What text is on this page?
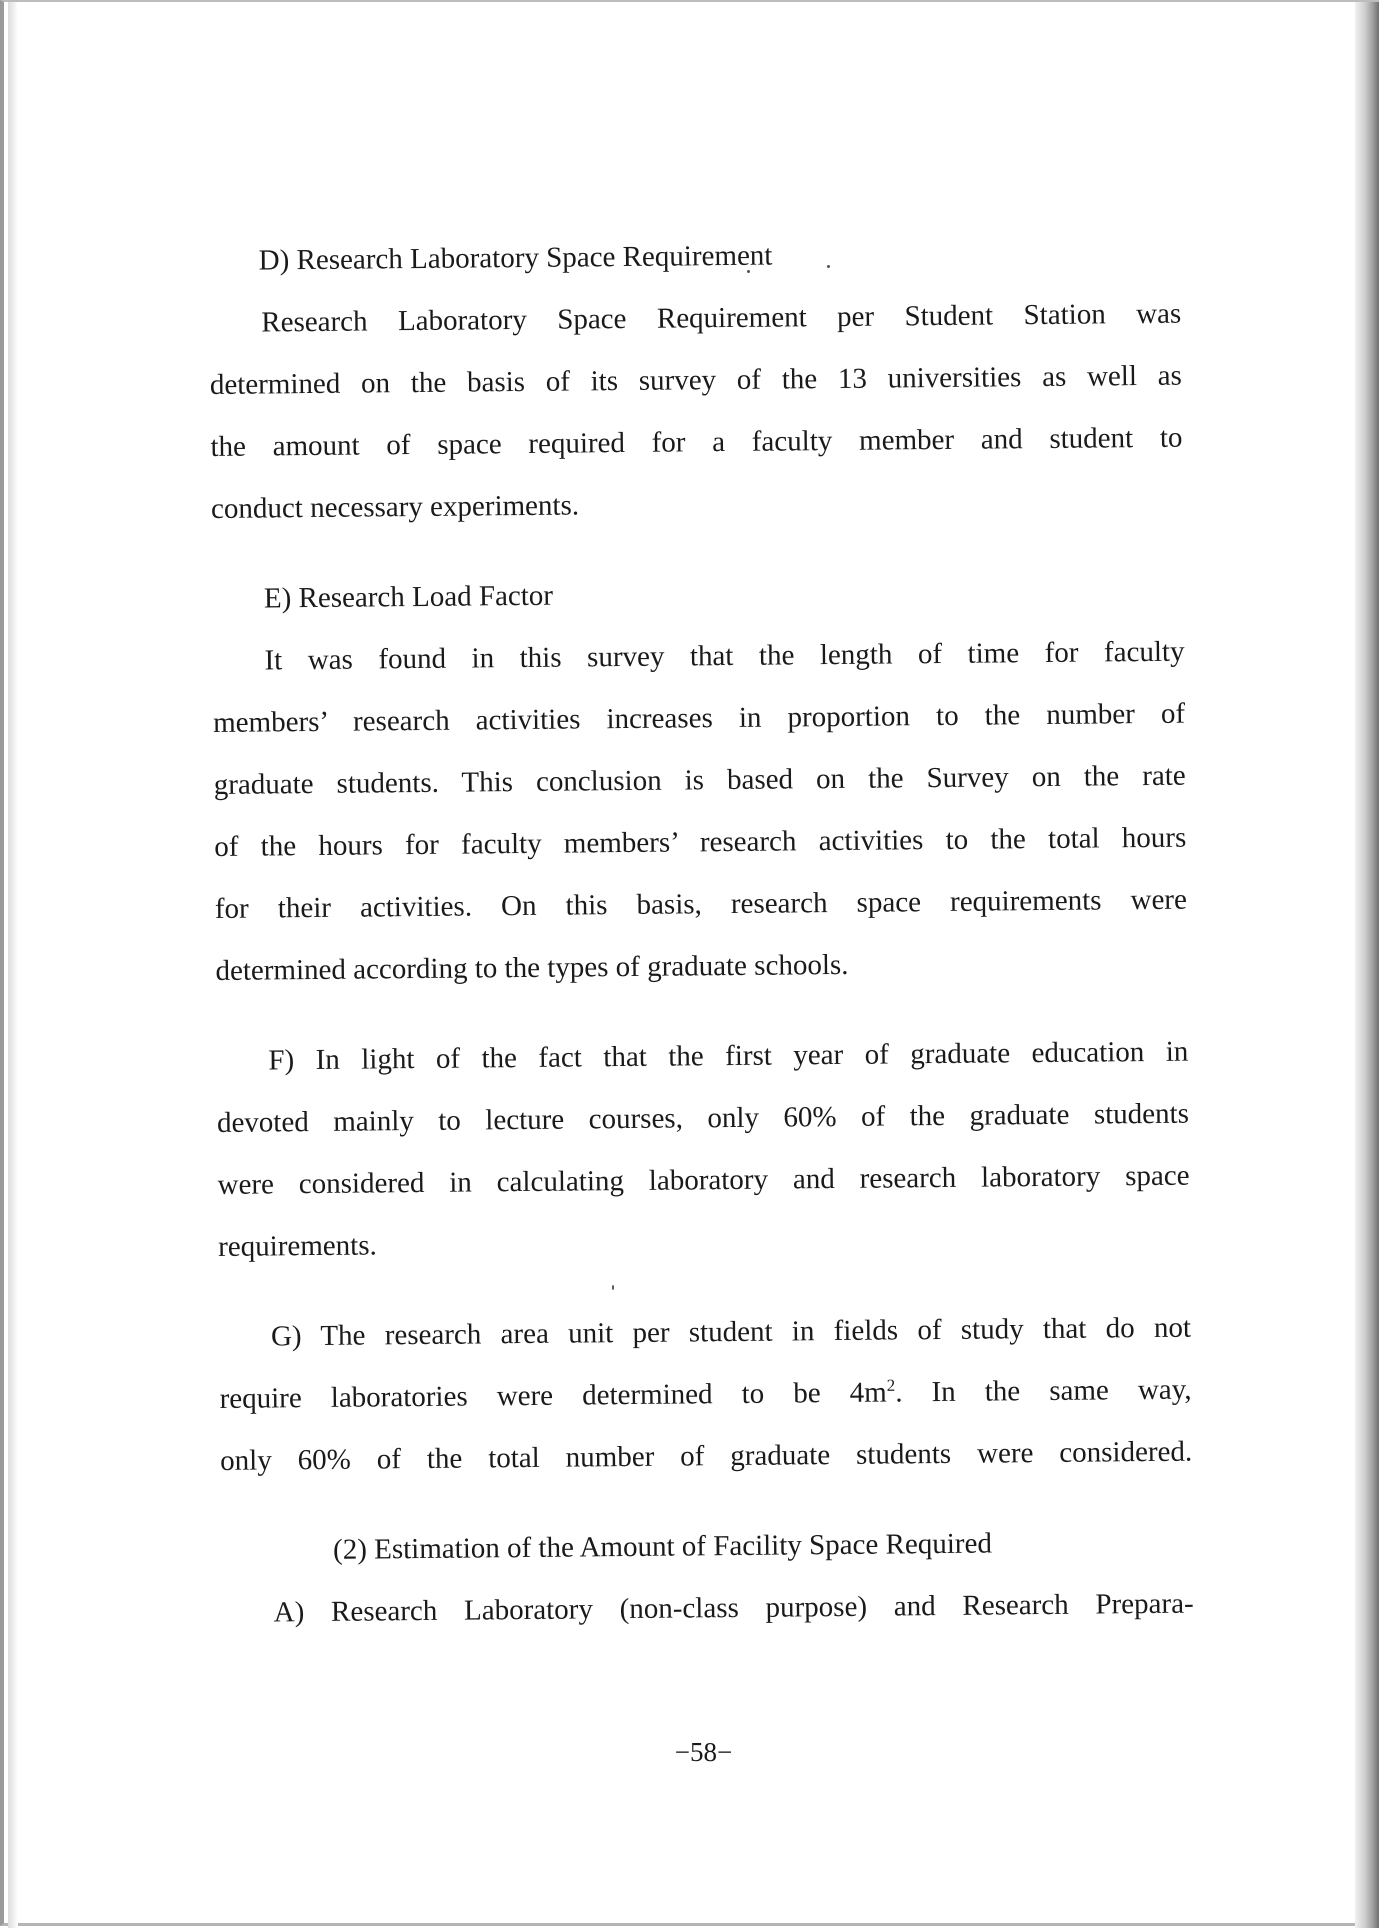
D) Research Laboratory Space Requirement
Research Laboratory Space Requirement per Student Station was
determined on the basis of its survey of the 13 universities as well as
the amount of space required for a faculty member and student to
conduct necessary experiments.
E) Research Load Factor
It was found in this survey that the length of time for faculty
members’ research activities increases in proportion to the number of
graduate students. This conclusion is based on the Survey on the rate
of the hours for faculty members’ research activities to the total hours
for their activities. On this basis, research space requirements were
determined according to the types of graduate schools.
F) In light of the fact that the first year of graduate education in
devoted mainly to lecture courses, only 60% of the graduate students
were considered in calculating laboratory and research laboratory space
requirements.
G) The research area unit per student in fields of study that do not
require laboratories were determined to be $4m^2$. In the same way,
only 60% of the total number of graduate students were considered.
(2) Estimation of the Amount of Facility Space Required
A) Research Laboratory (non-class purpose) and Research Prepara-
−58−
